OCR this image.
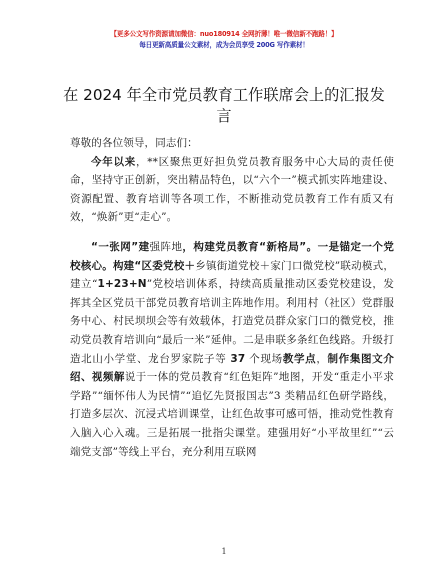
【更多公文写作资源请加微信：nuo180914 全网折薄！唯一微信新不跑路！】
每日更新高质量公文素材，成为会员享受 200G 写作素材！
在 2024 年全市党员教育工作联席会上的汇报发言

尊敬的各位领导，同志们：

今年以来，**区聚焦更好担负党员教育服务中心大局的责任使命，坚持守正创新，突出精品特色，以“六个一”模式抓实阵地建设、资源配置、教育培训等各项工作，不断推动党员教育工作有质又有效，“焕新”更“走心”。

“一张网”建强阵地，构建党员教育“新格局”。一是锚定一个党校核心。构建“区委党校＋乡镇街道党校＋家门口微党校”联动模式，建立“1+23+N”党校培训体系，持续高质量推动区委党校建设，发挥其全区党员干部党员教育培训主阵地作用。利用村（社区）党群服务中心、村民坝坝会等有效载体，打造党员群众家门口的微党校，推动党员教育培训向“最后一米”延伸。二是串联多条红色线路。升级打造北山小学堂、龙台罗家院子等 37 个现场教学点，制作集图文介绍、视频解说于一体的党员教育“红色矩阵”地图，开发“重走小平求学路”“缅怀伟人为民情”“追忆先贤报国志”3 类精品红色研学路线，打造多层次、沉浸式培训课堂，让红色故事可感可悟，推动党性教育入脑入心入魂。三是拓展一批指尖课堂。建强用好“小平故里红”“云端党支部”等线上平台，充分利用互联网

1
